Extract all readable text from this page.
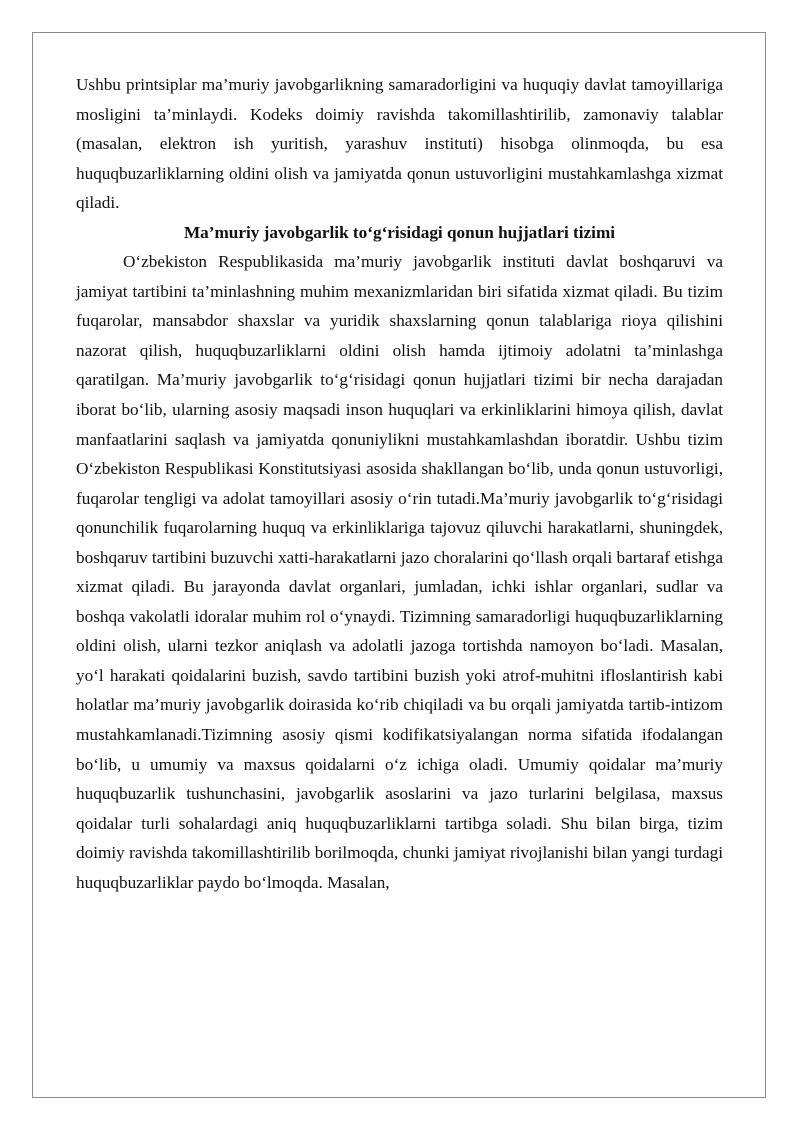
Ushbu printsiplar ma’muriy javobgarlikning samaradorligini va huquqiy davlat tamoyillariga mosligini ta’minlaydi. Kodeks doimiy ravishda takomillashtirilib, zamonaviy talablar (masalan, elektron ish yuritish, yarashuv instituti) hisobga olinmoqda, bu esa huquqbuzarliklarning oldini olish va jamiyatda qonun ustuvorligini mustahkamlashga xizmat qiladi.

Ma’muriy javobgarlik to‘g‘risidagi qonun hujjatlari tizimi

O‘zbekiston Respublikasida ma’muriy javobgarlik instituti davlat boshqaruvi va jamiyat tartibini ta’minlashning muhim mexanizmlaridan biri sifatida xizmat qiladi. Bu tizim fuqarolar, mansabdor shaxslar va yuridik shaxslarning qonun talablariga rioya qilishini nazorat qilish, huquqbuzarliklarni oldini olish hamda ijtimoiy adolatni ta’minlashga qaratilgan. Ma’muriy javobgarlik to‘g‘risidagi qonun hujjatlari tizimi bir necha darajadan iborat bo‘lib, ularning asosiy maqsadi inson huquqlari va erkinliklarini himoya qilish, davlat manfaatlarini saqlash va jamiyatda qonuniylikni mustahkamlashdan iboratdir. Ushbu tizim O‘zbekiston Respublikasi Konstitutsiyasi asosida shakllangan bo‘lib, unda qonun ustuvorligi, fuqarolar tengligi va adolat tamoyillari asosiy o‘rin tutadi.Ma’muriy javobgarlik to‘g‘risidagi qonunchilik fuqarolarning huquq va erkinliklariga tajovuz qiluvchi harakatlarni, shuningdek, boshqaruv tartibini buzuvchi xatti-harakatlarni jazo choralarini qo‘llash orqali bartaraf etishga xizmat qiladi. Bu jarayonda davlat organlari, jumladan, ichki ishlar organlari, sudlar va boshqa vakolatli idoralar muhim rol o‘ynaydi. Tizimning samaradorligi huquqbuzarliklarning oldini olish, ularni tezkor aniqlash va adolatli jazoga tortishda namoyon bo‘ladi. Masalan, yo‘l harakati qoidalarini buzish, savdo tartibini buzish yoki atrof-muhitni ifloslantirish kabi holatlar ma’muriy javobgarlik doirasida ko‘rib chiqiladi va bu orqali jamiyatda tartib-intizom mustahkamlanadi.Tizimning asosiy qismi kodifikatsiyalangan norma sifatida ifodalangan bo‘lib, u umumiy va maxsus qoidalarni o‘z ichiga oladi. Umumiy qoidalar ma’muriy huquqbuzarlik tushunchasini, javobgarlik asoslarini va jazo turlarini belgilasa, maxsus qoidalar turli sohalardagi aniq huquqbuzarliklarni tartibga soladi. Shu bilan birga, tizim doimiy ravishda takomillashtirilib borilmoqda, chunki jamiyat rivojlanishi bilan yangi turdagi huquqbuzarliklar paydo bo‘lmoqda. Masalan,
